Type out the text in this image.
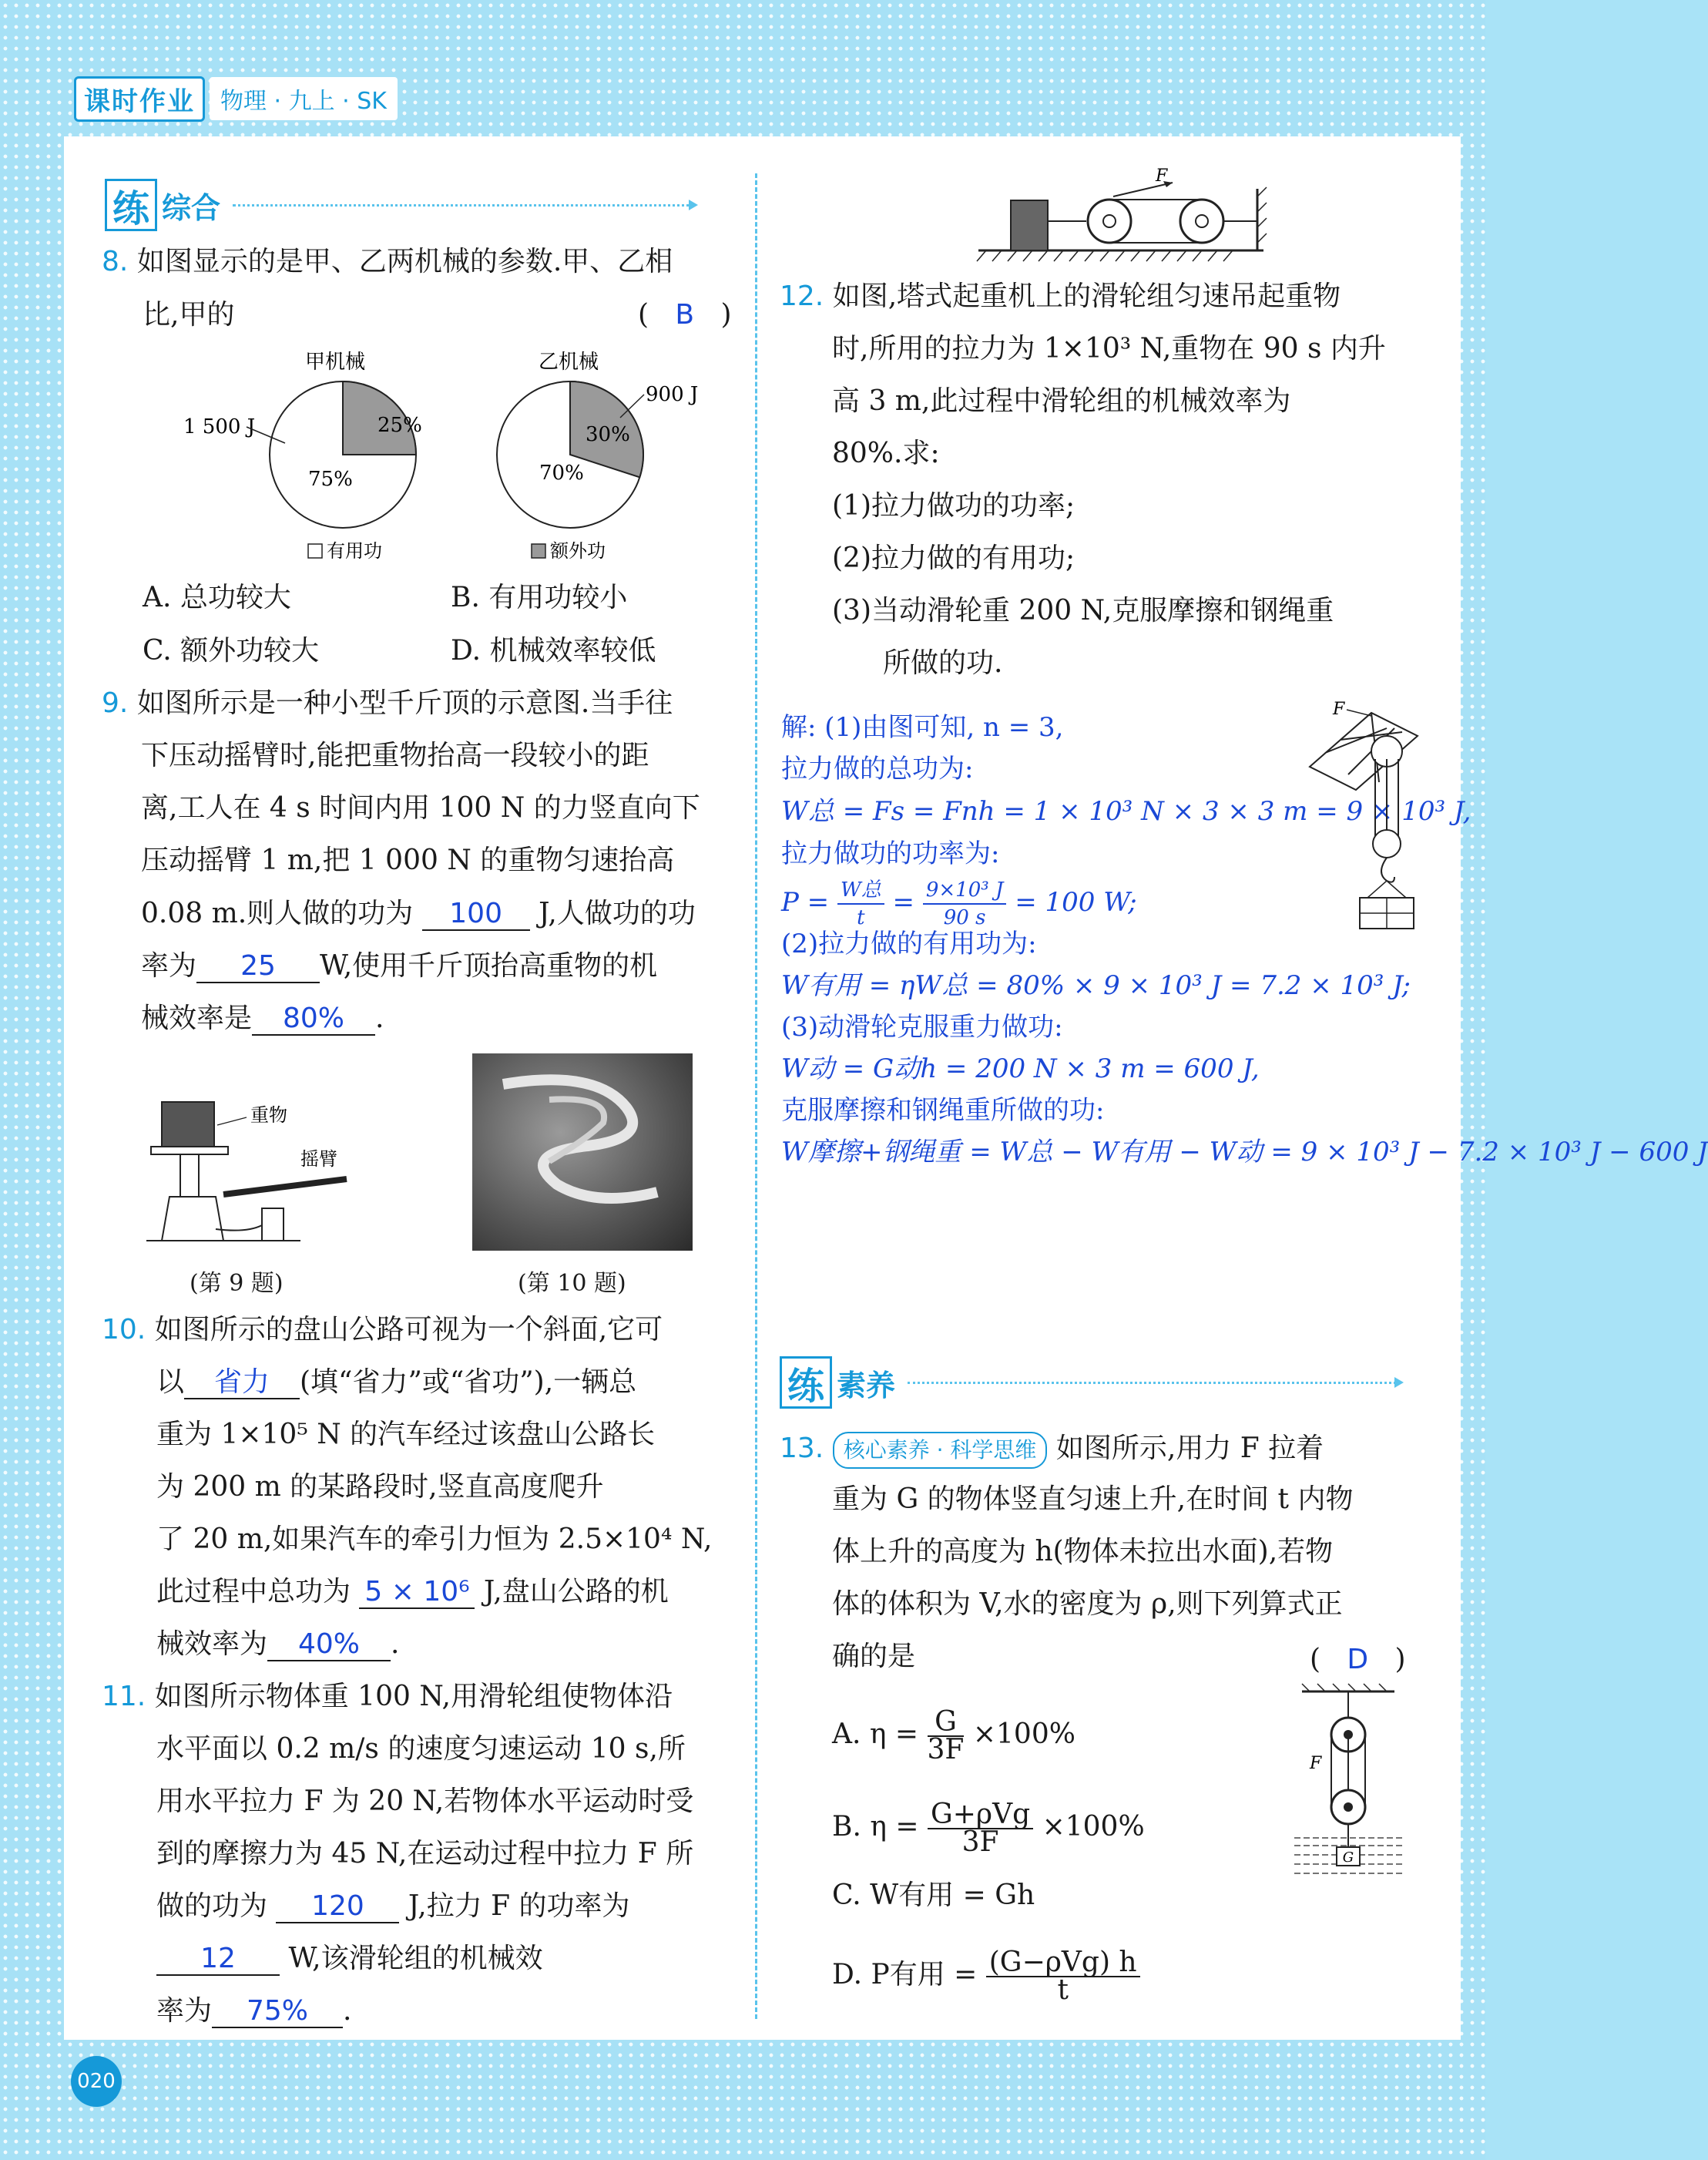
课时作业	物理 · 九上 · SK
练 综合
8. 如图显示的是甲、乙两机械的参数.甲、乙相
比,甲的	( B )
甲机械
25%
75%
1 500 J
乙机械
30%
70%
900 J
有用功	额外功
A. 总功较大	B. 有用功较小
C. 额外功较大	D. 机械效率较低
9. 如图所示是一种小型千斤顶的示意图.当手往
下压动摇臂时,能把重物抬高一段较小的距
离,工人在 4 s 时间内用 100 N 的力竖直向下
压动摇臂 1 m,把 1 000 N 的重物匀速抬高
0.08 m.则人做的功为 100 J,人做功的功
率为 25 W,使用千斤顶抬高重物的机
械效率是 80% .
重物
摇臂
(第 9 题)	(第 10 题)
10. 如图所示的盘山公路可视为一个斜面,它可
以 省力 (填“省力”或“省功”),一辆总
重为 1×10⁵ N 的汽车经过该盘山公路长
为 200 m 的某路段时,竖直高度爬升
了 20 m,如果汽车的牵引力恒为 2.5×10⁴ N,
此过程中总功为 5 × 10⁶ J,盘山公路的机
械效率为 40% .
11. 如图所示物体重 100 N,用滑轮组使物体沿
水平面以 0.2 m/s 的速度匀速运动 10 s,所
用水平拉力 F 为 20 N,若物体水平运动时受
到的摩擦力为 45 N,在运动过程中拉力 F 所
做的功为 120 J,拉力 F 的功率为
12 W,该滑轮组的机械效
率为 75% .
F
12. 如图,塔式起重机上的滑轮组匀速吊起重物
时,所用的拉力为 1×10³ N,重物在 90 s 内升
高 3 m,此过程中滑轮组的机械效率为
80%.求:
(1)拉力做功的功率;
(2)拉力做的有用功;
(3)当动滑轮重 200 N,克服摩擦和钢绳重
所做的功.
解: (1)由图可知, n = 3,
拉力做的总功为:
W总 = Fs = Fnh = 1 × 10³ N × 3 × 3 m = 9 × 10³ J,
拉力做功的功率为:
$P = \frac{\text{W总}}{t} = \frac{\text{9×10³ J}}{90 s} = 100$ W;
(2)拉力做的有用功为:
W有用 = ηW总 = 80% × 9 × 10³ J = 7.2 × 10³ J;
(3)动滑轮克服重力做功:
W动 = G动h = 200 N × 3 m = 600 J,
克服摩擦和钢绳重所做的功:
W摩擦+钢绳重 = W总 − W有用 − W动 = 9 × 10³ J − 7.2 × 10³ J − 600 J
F
练 素养
13. 核心素养 · 科学思维 如图所示,用力 F 拉着
重为 G 的物体竖直匀速上升,在时间 t 内物
体上升的高度为 h(物体未拉出水面),若物
体的体积为 V,水的密度为 ρ,则下列算式正
确的是	( D )
A. $\eta = \frac{G}{3F} \times 100\%$
B. $\eta = \frac{\text{G+ρVg}}{3F} \times 100\%$
C. W有用 = Gh
D. P有用 = $\frac{\text{(G−ρVg) h}}{t}$
F
G
020
